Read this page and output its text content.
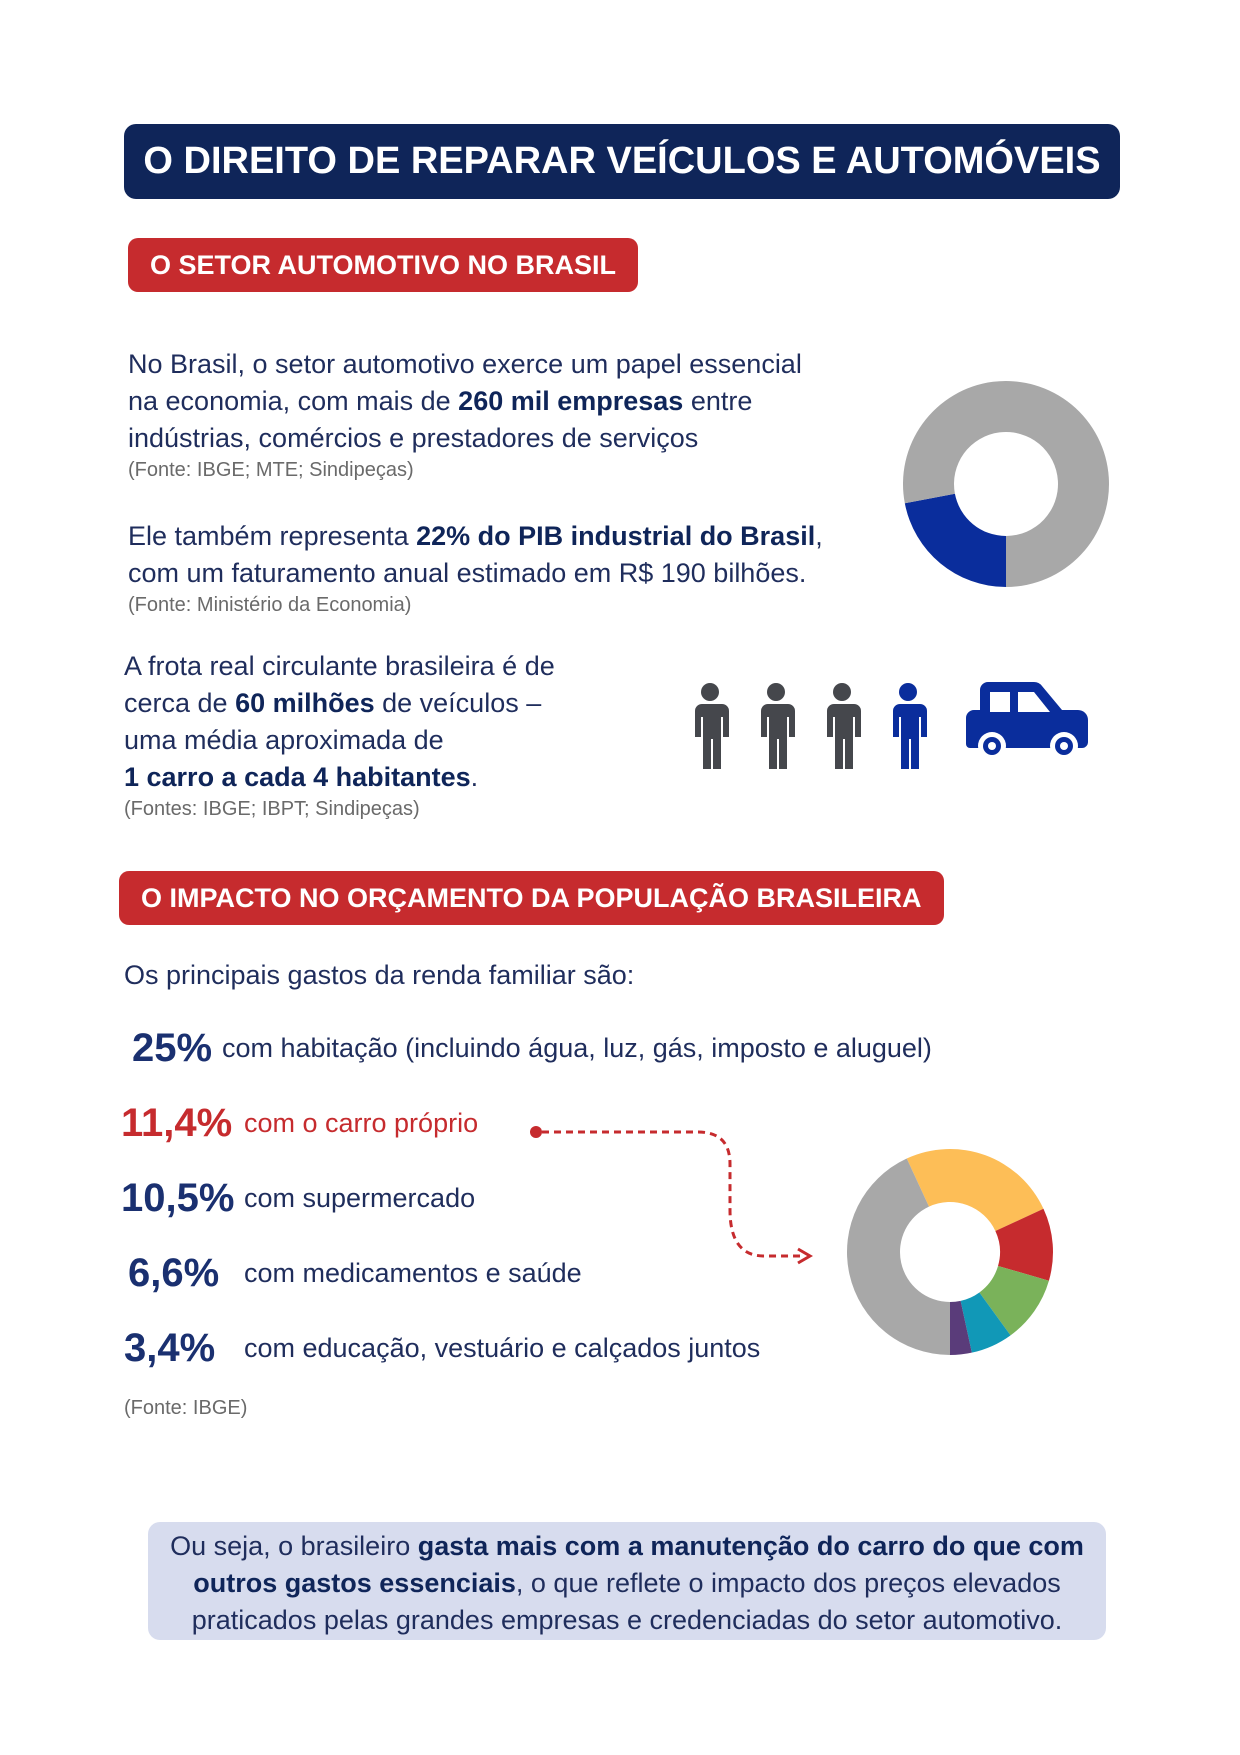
O DIREITO DE REPARAR VEÍCULOS E AUTOMÓVEIS
O SETOR AUTOMOTIVO NO BRASIL
No Brasil, o setor automotivo exerce um papel essencial
na economia, com mais de 260 mil empresas entre
indústrias, comércios e prestadores de serviços
(Fonte: IBGE; MTE; Sindipeças)
Ele também representa 22% do PIB industrial do Brasil,
com um faturamento anual estimado em R$ 190 bilhões.
(Fonte: Ministério da Economia)
A frota real circulante brasileira é de
cerca de 60 milhões de veículos –
uma média aproximada de
1 carro a cada 4 habitantes.
(Fontes: IBGE; IBPT; Sindipeças)
O IMPACTO NO ORÇAMENTO DA POPULAÇÃO BRASILEIRA
Os principais gastos da renda familiar são:
25% com habitação (incluindo água, luz, gás, imposto e aluguel)
11,4% com o carro próprio
10,5% com supermercado
6,6% com medicamentos e saúde
3,4% com educação, vestuário e calçados juntos
(Fonte: IBGE)
Ou seja, o brasileiro gasta mais com a manutenção do carro do que com
outros gastos essenciais, o que reflete o impacto dos preços elevados
praticados pelas grandes empresas e credenciadas do setor automotivo.
